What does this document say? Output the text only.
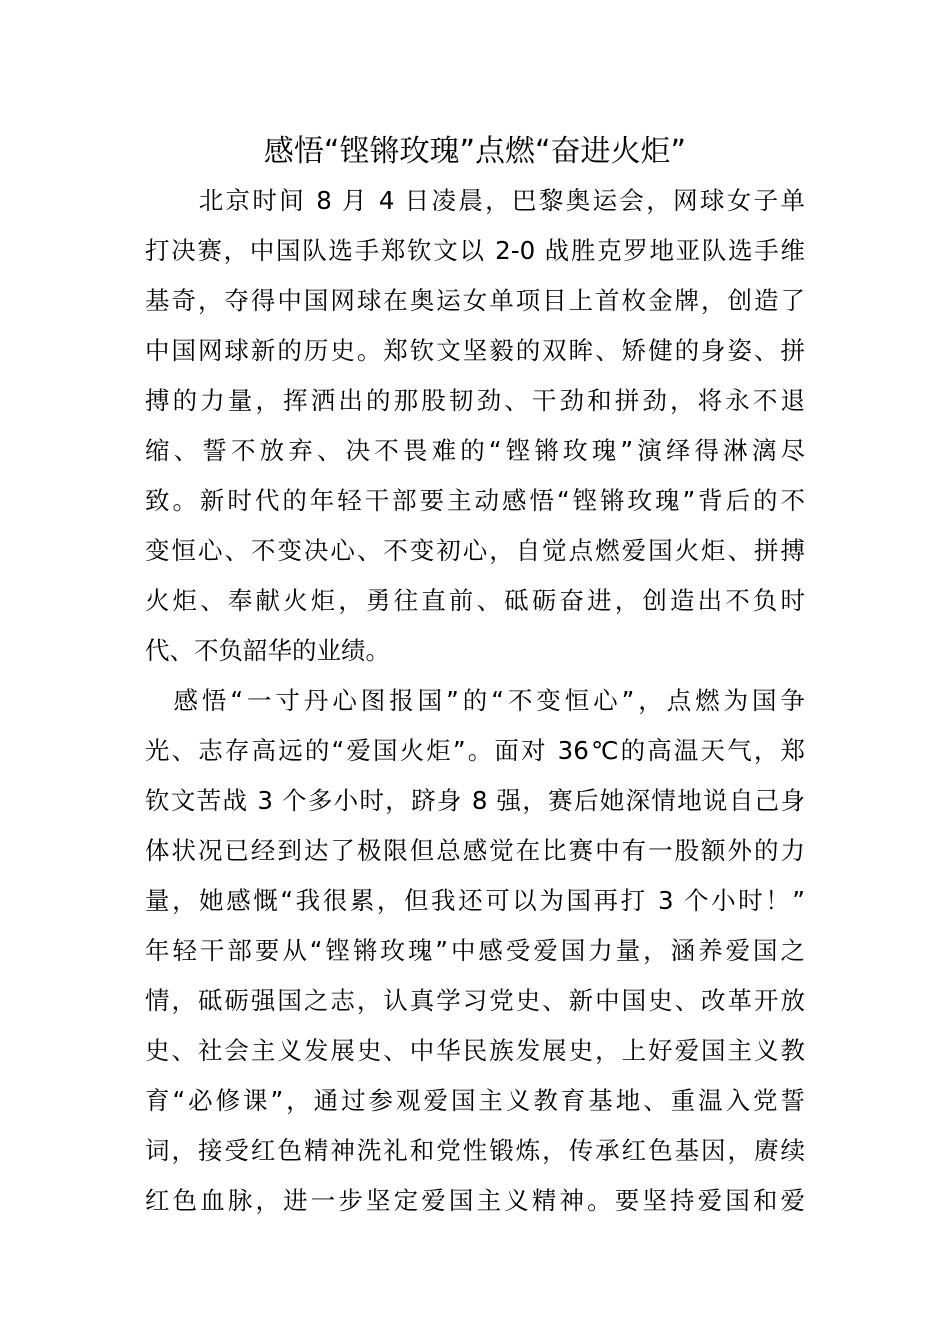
感悟“铿锵玫瑰”点燃“奋进火炬”
　　北京时间 8 月 4 日凌晨，巴黎奥运会，网球女子单
打决赛，中国队选手郑钦文以 2-0 战胜克罗地亚队选手维
基奇，夺得中国网球在奥运女单项目上首枚金牌，创造了
中国网球新的历史。郑钦文坚毅的双眸、矫健的身姿、拼
搏的力量，挥洒出的那股韧劲、干劲和拼劲，将永不退
缩、誓不放弃、决不畏难的“铿锵玫瑰”演绎得淋漓尽
致。新时代的年轻干部要主动感悟“铿锵玫瑰”背后的不
变恒心、不变决心、不变初心，自觉点燃爱国火炬、拼搏
火炬、奉献火炬，勇往直前、砥砺奋进，创造出不负时
代、不负韶华的业绩。
　感悟“一寸丹心图报国”的“不变恒心”，点燃为国争
光、志存高远的“爱国火炬”。面对 36℃的高温天气，郑
钦文苦战 3 个多小时，跻身 8 强，赛后她深情地说自己身
体状况已经到达了极限但总感觉在比赛中有一股额外的力
量，她感慨“我很累，但我还可以为国再打 3 个小时！”
年轻干部要从“铿锵玫瑰”中感受爱国力量，涵养爱国之
情，砥砺强国之志，认真学习党史、新中国史、改革开放
史、社会主义发展史、中华民族发展史，上好爱国主义教
育“必修课”，通过参观爱国主义教育基地、重温入党誓
词，接受红色精神洗礼和党性锻炼，传承红色基因，赓续
红色血脉，进一步坚定爱国主义精神。要坚持爱国和爱
